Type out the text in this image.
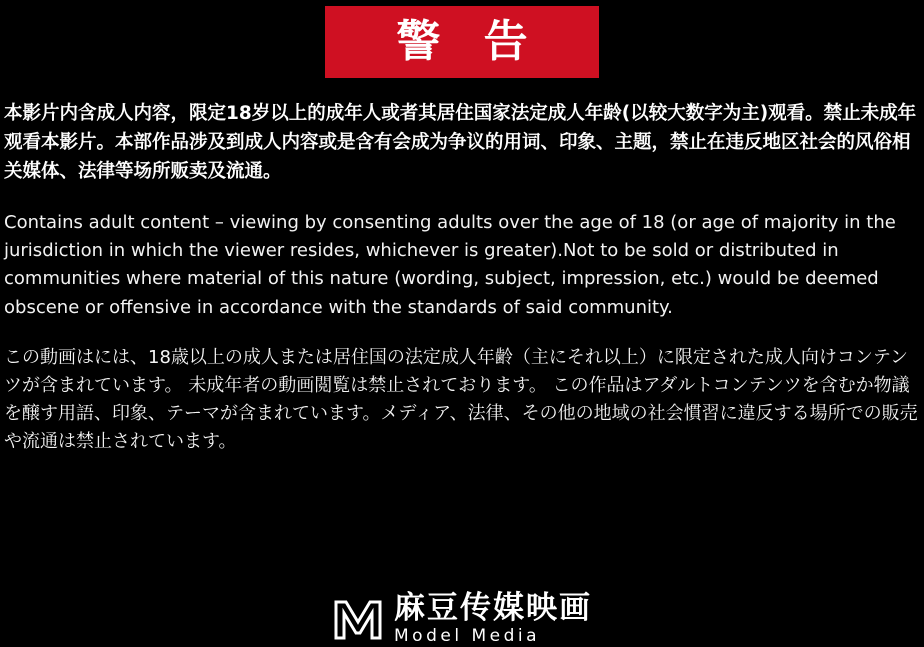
警 告

本影片内含成人内容，限定18岁以上的成年人或者其居住国家法定成人年龄(以较大数字为主)观看。禁止未成年观看本影片。本部作品涉及到成人内容或是含有会成为争议的用词、印象、主题，禁止在违反地区社会的风俗相关媒体、法律等场所贩卖及流通。

Contains adult content – viewing by consenting adults over the age of 18 (or age of majority in the jurisdiction in which the viewer resides, whichever is greater).Not to be sold or distributed in communities where material of this nature (wording, subject, impression, etc.) would be deemed obscene or offensive in accordance with the standards of said community.

この動画はには、18歳以上の成人または居住国の法定成人年齢（主にそれ以上）に限定された成人向けコンテンツが含まれています。 未成年者の動画閲覧は禁止されております。 この作品はアダルトコンテンツを含むか物議を醸す用語、印象、テーマが含まれています。メディア、法律、その他の地域の社会慣習に違反する場所での販売や流通は禁止されています。

麻豆传媒映画
Model Media
